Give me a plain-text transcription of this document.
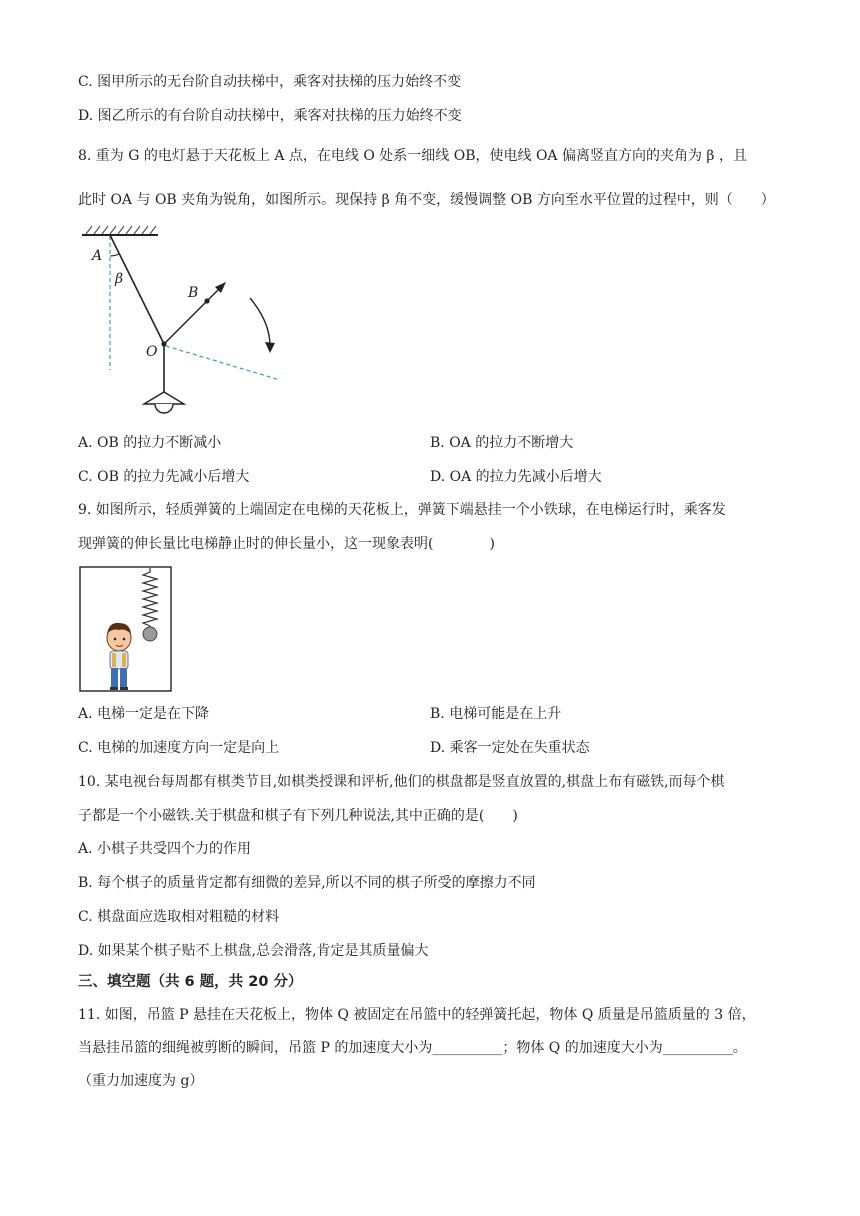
C. 图甲所示的无台阶自动扶梯中，乘客对扶梯的压力始终不变
D. 图乙所示的有台阶自动扶梯中，乘客对扶梯的压力始终不变
8. 重为 G 的电灯悬于天花板上 A 点，在电线 O 处系一细线 OB，使电线 OA 偏离竖直方向的夹角为 β ，且
此时 OA 与 OB 夹角为锐角，如图所示。现保持 β 角不变，缓慢调整 OB 方向至水平位置的过程中，则（　　）
A
β
B
O
A. OB 的拉力不断减小	B. OA 的拉力不断增大
C. OB 的拉力先减小后增大	D. OA 的拉力先减小后增大
9. 如图所示，轻质弹簧的上端固定在电梯的天花板上，弹簧下端悬挂一个小铁球，在电梯运行时，乘客发
现弹簧的伸长量比电梯静止时的伸长量小，这一现象表明(　　　　)
A. 电梯一定是在下降	B. 电梯可能是在上升
C. 电梯的加速度方向一定是向上	D. 乘客一定处在失重状态
10. 某电视台每周都有棋类节目,如棋类授课和评析,他们的棋盘都是竖直放置的,棋盘上布有磁铁,而每个棋
子都是一个小磁铁.关于棋盘和棋子有下列几种说法,其中正确的是(　　)
A. 小棋子共受四个力的作用
B. 每个棋子的质量肯定都有细微的差异,所以不同的棋子所受的摩擦力不同
C. 棋盘面应选取相对粗糙的材料
D. 如果某个棋子贴不上棋盘,总会滑落,肯定是其质量偏大
三、填空题（共 6 题，共 20 分）
11. 如图，吊篮 P 悬挂在天花板上，物体 Q 被固定在吊篮中的轻弹簧托起，物体 Q 质量是吊篮质量的 3 倍，
当悬挂吊篮的细绳被剪断的瞬间，吊篮 P 的加速度大小为__________；物体 Q 的加速度大小为__________。
（重力加速度为 g）
